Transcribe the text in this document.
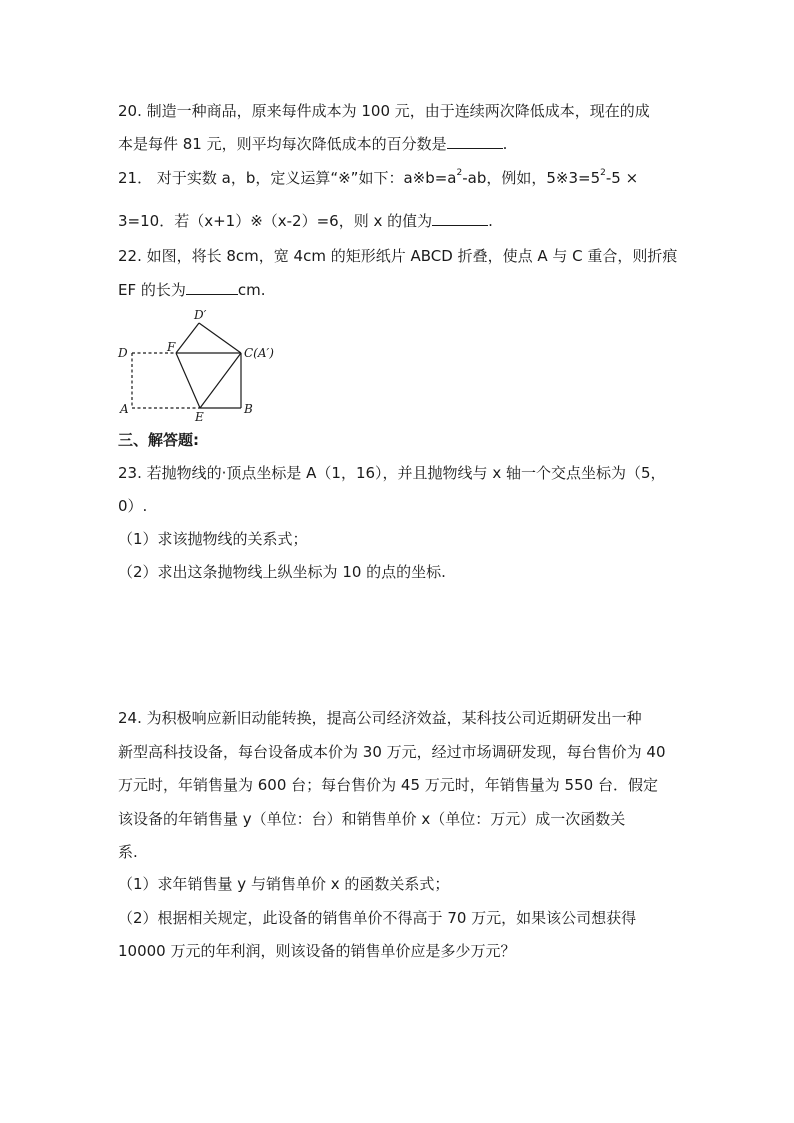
20. 制造一种商品，原来每件成本为 100 元，由于连续两次降低成本，现在的成

本是每件 81 元，则平均每次降低成本的百分数是	.

21． 对于实数 a，b，定义运算“※”如下：$a※b=a^2-ab$，例如，$5※3=5^2-5$ ×

3=10．若（x+1）※（x-2）=6，则 x 的值为	.

22. 如图，将长 8cm，宽 4cm 的矩形纸片 ABCD 折叠，使点 A 与 C 重合，则折痕

EF 的长为	cm.

D′
D	F	C(A′)
A
E
B

三、解答题:

23. 若抛物线的·顶点坐标是 A（1，16），并且抛物线与 x 轴一个交点坐标为（5，

0）.

（1）求该抛物线的关系式；

（2）求出这条抛物线上纵坐标为 10 的点的坐标.

24. 为积极响应新旧动能转换，提高公司经济效益，某科技公司近期研发出一种

新型高科技设备，每台设备成本价为 30 万元，经过市场调研发现，每台售价为 40

万元时，年销售量为 600 台；每台售价为 45 万元时，年销售量为 550 台．假定

该设备的年销售量 y（单位：台）和销售单价 x（单位：万元）成一次函数关

系.

（1）求年销售量 y 与销售单价 x 的函数关系式；

（2）根据相关规定，此设备的销售单价不得高于 70 万元，如果该公司想获得

10000 万元的年利润，则该设备的销售单价应是多少万元？
